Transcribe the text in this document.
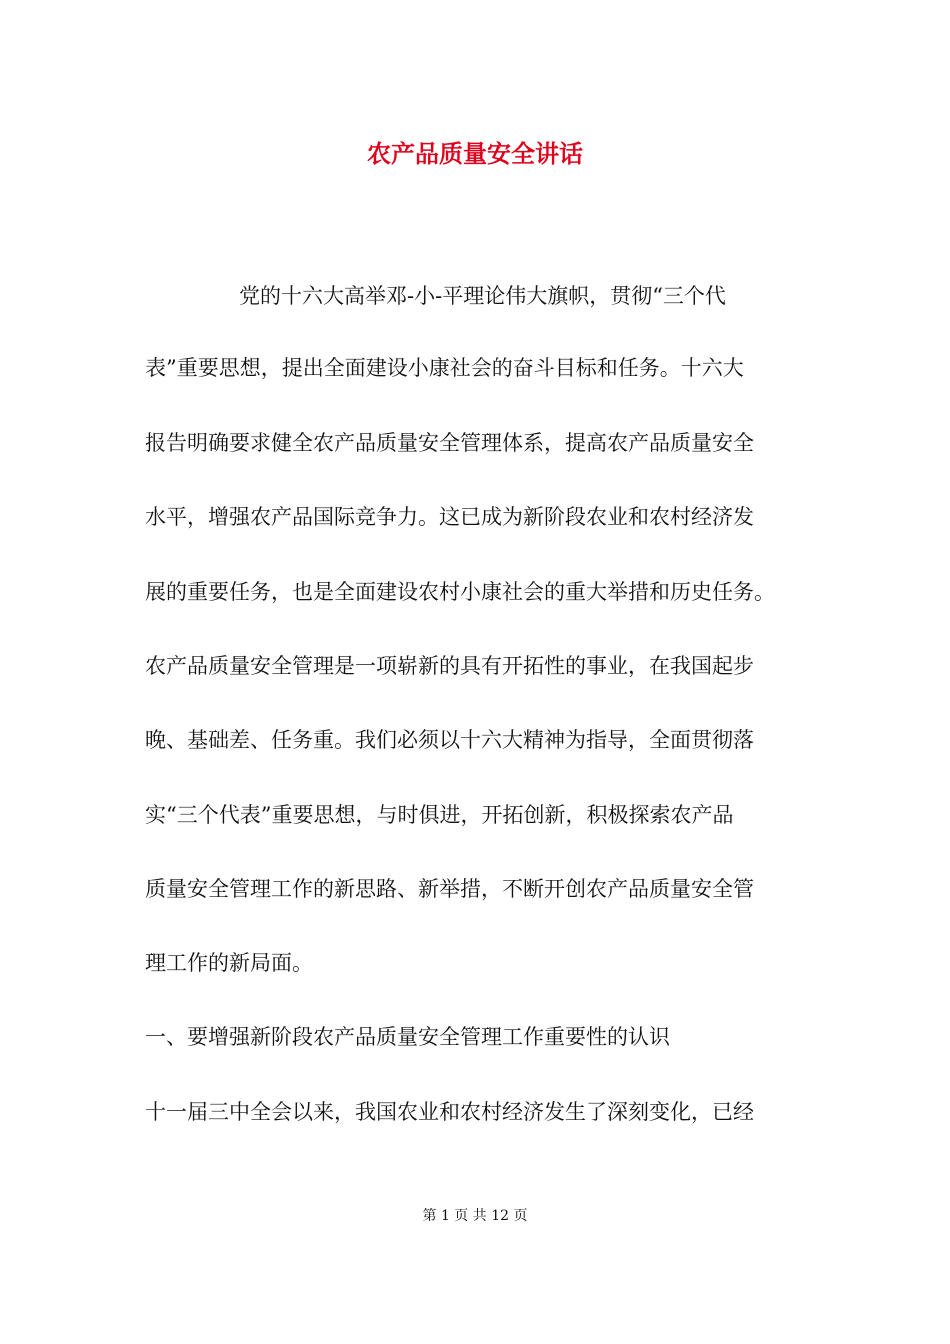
农产品质量安全讲话

党的十六大高举邓-小-平理论伟大旗帜，贯彻“三个代

表”重要思想，提出全面建设小康社会的奋斗目标和任务。十六大

报告明确要求健全农产品质量安全管理体系，提高农产品质量安全

水平，增强农产品国际竞争力。这已成为新阶段农业和农村经济发

展的重要任务，也是全面建设农村小康社会的重大举措和历史任务。

农产品质量安全管理是一项崭新的具有开拓性的事业，在我国起步

晚、基础差、任务重。我们必须以十六大精神为指导，全面贯彻落

实“三个代表”重要思想，与时俱进，开拓创新，积极探索农产品

质量安全管理工作的新思路、新举措，不断开创农产品质量安全管

理工作的新局面。

一、要增强新阶段农产品质量安全管理工作重要性的认识

十一届三中全会以来，我国农业和农村经济发生了深刻变化，已经

第 1 页 共 12 页
